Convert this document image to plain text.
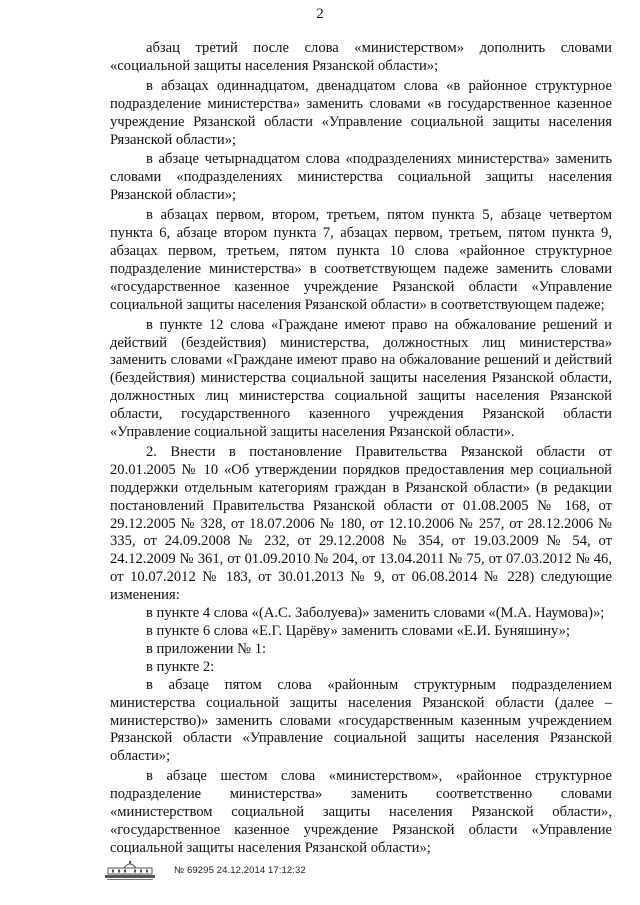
2

абзац третий после слова «министерством» дополнить словами «социальной защиты населения Рязанской области»;

в абзацах одиннадцатом, двенадцатом слова «в районное структурное подразделение министерства» заменить словами «в государственное казенное учреждение Рязанской области «Управление социальной защиты населения Рязанской области»;

в абзаце четырнадцатом слова «подразделениях министерства» заменить словами «подразделениях министерства социальной защиты населения Рязанской области»;

в абзацах первом, втором, третьем, пятом пункта 5, абзаце четвертом пункта 6, абзаце втором пункта 7, абзацах первом, третьем, пятом пункта 9, абзацах первом, третьем, пятом пункта 10 слова «районное структурное подразделение министерства» в соответствующем падеже заменить словами «государственное казенное учреждение Рязанской области «Управление социальной защиты населения Рязанской области» в соответствующем падеже;

в пункте 12 слова «Граждане имеют право на обжалование решений и действий (бездействия) министерства, должностных лиц министерства» заменить словами «Граждане имеют право на обжалование решений и действий (бездействия) министерства социальной защиты населения Рязанской области, должностных лиц министерства социальной защиты населения Рязанской области, государственного казенного учреждения Рязанской области «Управление социальной защиты населения Рязанской области».

2. Внести в постановление Правительства Рязанской области от 20.01.2005 № 10 «Об утверждении порядков предоставления мер социальной поддержки отдельным категориям граждан в Рязанской области» (в редакции постановлений Правительства Рязанской области от 01.08.2005 № 168, от 29.12.2005 № 328, от 18.07.2006 № 180, от 12.10.2006 № 257, от 28.12.2006 № 335, от 24.09.2008 № 232, от 29.12.2008 № 354, от 19.03.2009 № 54, от 24.12.2009 № 361, от 01.09.2010 № 204, от 13.04.2011 № 75, от 07.03.2012 № 46, от 10.07.2012 № 183, от 30.01.2013 № 9, от 06.08.2014 № 228) следующие изменения:

в пункте 4 слова «(А.С. Заболуева)» заменить словами «(М.А. Наумова)»;

в пункте 6 слова «Е.Г. Царёву» заменить словами «Е.И. Буняшину»;

в приложении № 1:

в пункте 2:

в абзаце пятом слова «районным структурным подразделением министерства социальной защиты населения Рязанской области (далее – министерство)» заменить словами «государственным казенным учреждением Рязанской области «Управление социальной защиты населения Рязанской области»;

в абзаце шестом слова «министерством», «районное структурное подразделение министерства» заменить соответственно словами «министерством социальной защиты населения Рязанской области», «государственное казенное учреждение Рязанской области «Управление социальной защиты населения Рязанской области»;

№ 69295 24.12.2014 17:12:32
